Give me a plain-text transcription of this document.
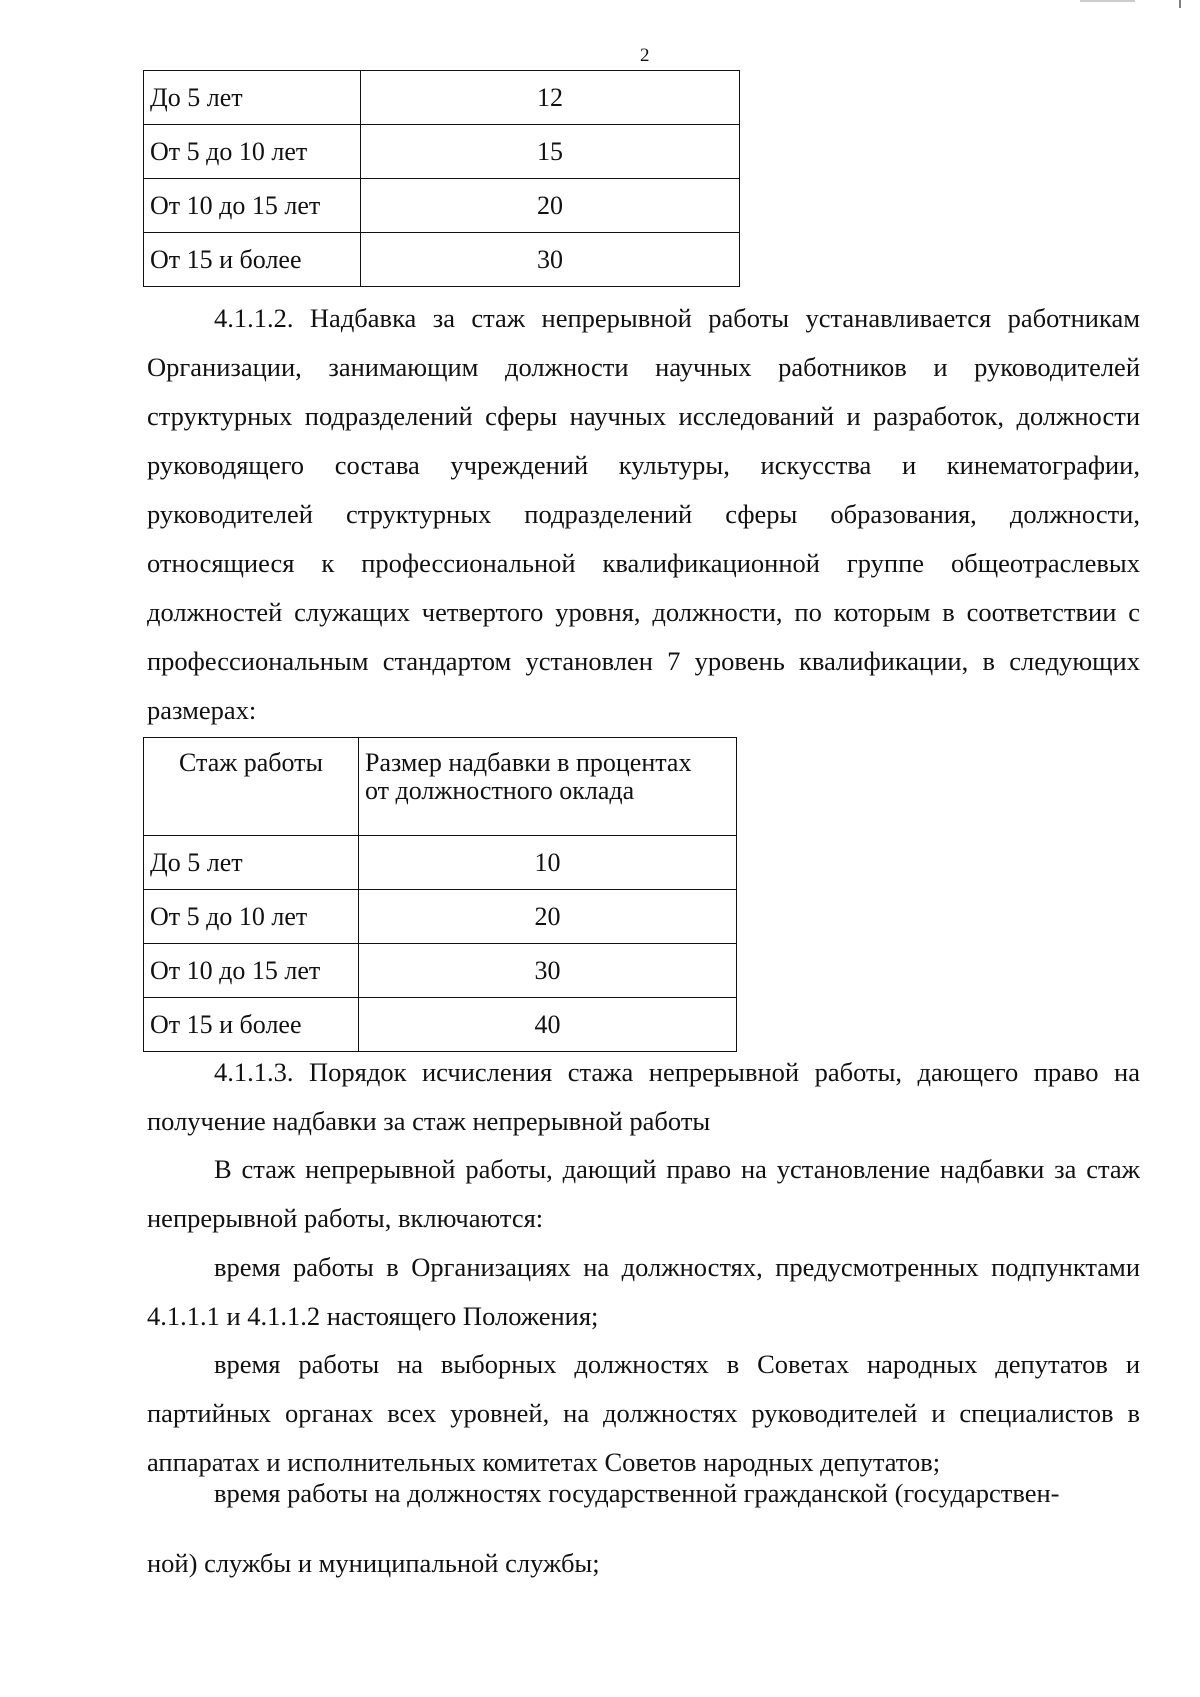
2
До 5 лет	12
От 5 до 10 лет	15
От 10 до 15 лет	20
От 15 и более	30

4.1.1.2. Надбавка за стаж непрерывной работы устанавливается работникам Организации, занимающим должности научных работников и руководителей структурных подразделений сферы научных исследований и разработок, должности руководящего состава учреждений культуры, искусства и кинематографии, руководителей структурных подразделений сферы образования, должности, относящиеся к профессиональной квалификационной группе общеотраслевых должностей служащих четвертого уровня, должности, по которым в соответствии с профессиональным стандартом установлен 7 уровень квалификации, в следующих размерах:

Стаж работы	Размер надбавки в процентах
от должностного оклада
До 5 лет	10
От 5 до 10 лет	20
От 10 до 15 лет	30
От 15 и более	40

4.1.1.3. Порядок исчисления стажа непрерывной работы, дающего право на получение надбавки за стаж непрерывной работы

В стаж непрерывной работы, дающий право на установление надбавки за стаж непрерывной работы, включаются:

время работы в Организациях на должностях, предусмотренных подпунктами 4.1.1.1 и 4.1.1.2 настоящего Положения;

время работы на выборных должностях в Советах народных депутатов и партийных органах всех уровней, на должностях руководителей и специалистов в аппаратах и исполнительных комитетах Советов народных депутатов;

время работы на должностях государственной гражданской (государствен-

ной) службы и муниципальной службы;
